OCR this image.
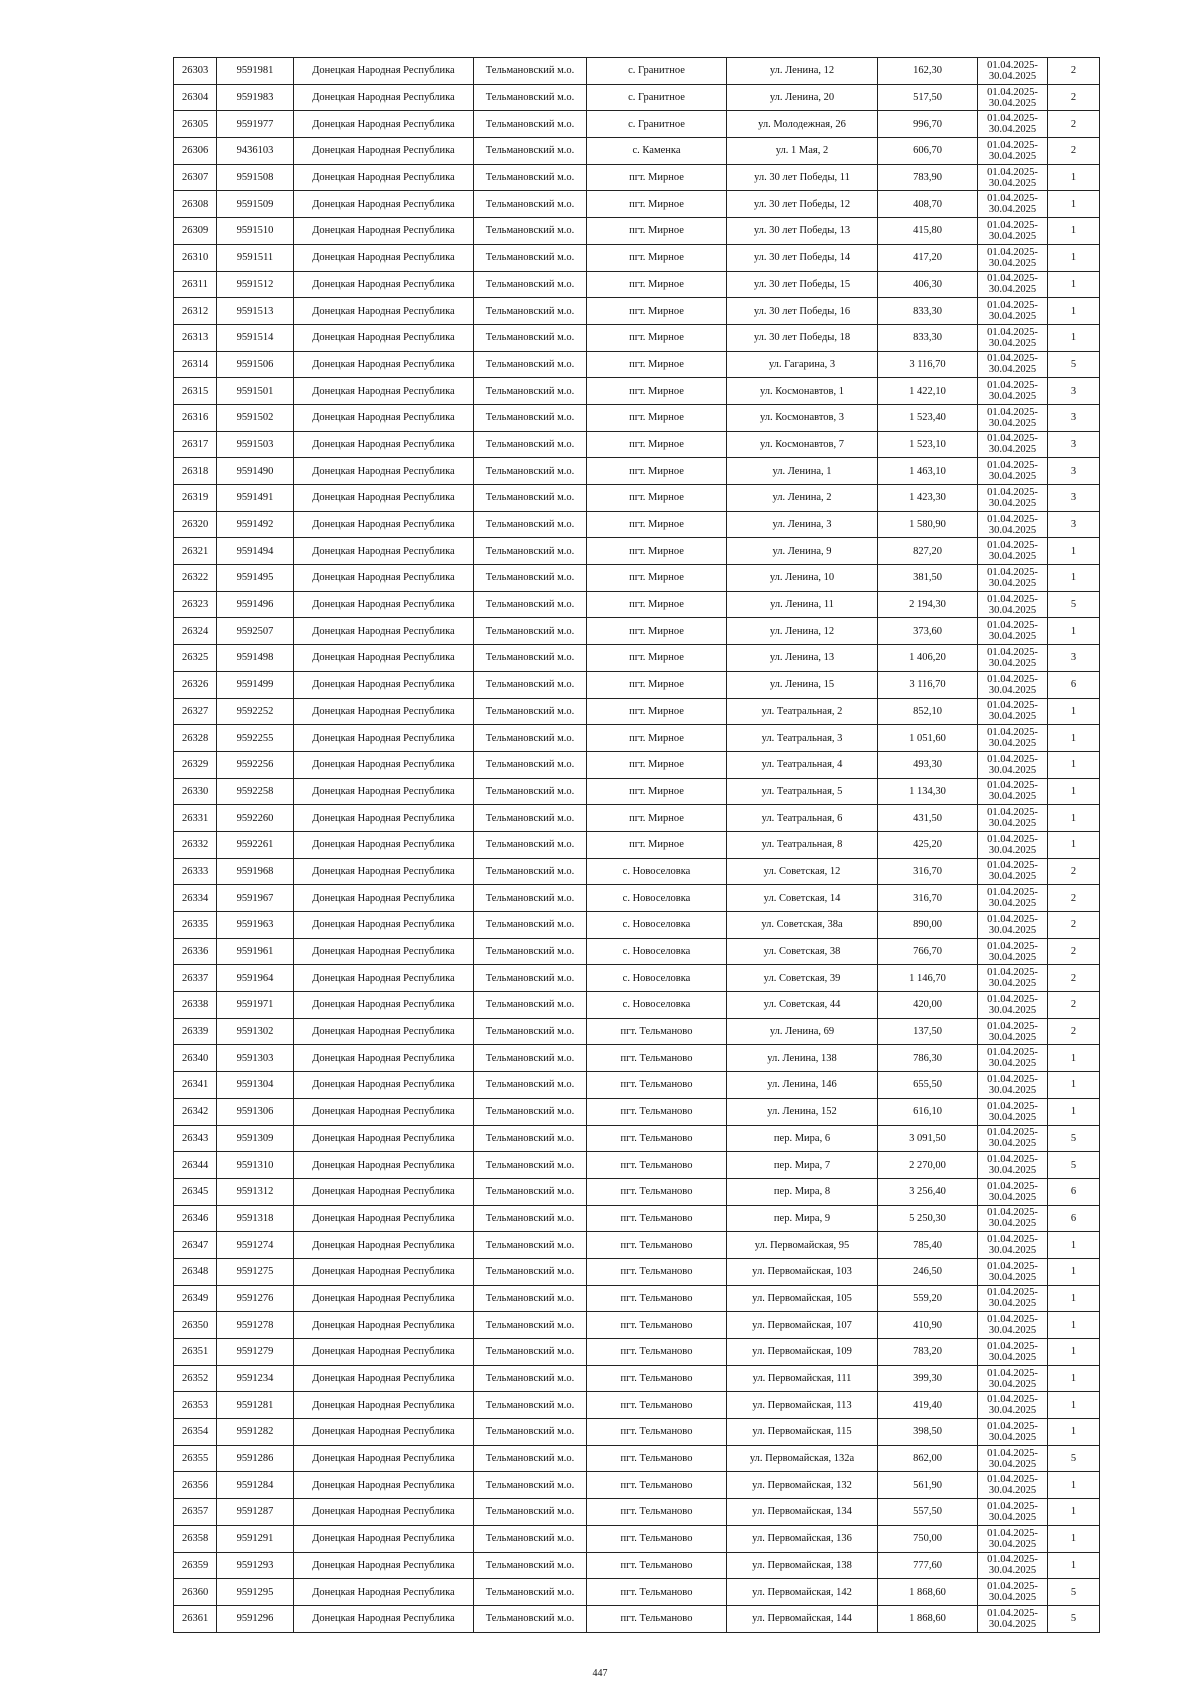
26303	9591981	Донецкая Народная Республика	Тельмановский м.о.	с. Гранитное	ул. Ленина, 12	162,30	01.04.2025-30.04.2025	2
26304	9591983	Донецкая Народная Республика	Тельмановский м.о.	с. Гранитное	ул. Ленина, 20	517,50	01.04.2025-30.04.2025	2
26305	9591977	Донецкая Народная Республика	Тельмановский м.о.	с. Гранитное	ул. Молодежная, 26	996,70	01.04.2025-30.04.2025	2
26306	9436103	Донецкая Народная Республика	Тельмановский м.о.	с. Каменка	ул. 1 Мая, 2	606,70	01.04.2025-30.04.2025	2
26307	9591508	Донецкая Народная Республика	Тельмановский м.о.	пгт. Мирное	ул. 30 лет Победы, 11	783,90	01.04.2025-30.04.2025	1
26308	9591509	Донецкая Народная Республика	Тельмановский м.о.	пгт. Мирное	ул. 30 лет Победы, 12	408,70	01.04.2025-30.04.2025	1
26309	9591510	Донецкая Народная Республика	Тельмановский м.о.	пгт. Мирное	ул. 30 лет Победы, 13	415,80	01.04.2025-30.04.2025	1
26310	9591511	Донецкая Народная Республика	Тельмановский м.о.	пгт. Мирное	ул. 30 лет Победы, 14	417,20	01.04.2025-30.04.2025	1
26311	9591512	Донецкая Народная Республика	Тельмановский м.о.	пгт. Мирное	ул. 30 лет Победы, 15	406,30	01.04.2025-30.04.2025	1
26312	9591513	Донецкая Народная Республика	Тельмановский м.о.	пгт. Мирное	ул. 30 лет Победы, 16	833,30	01.04.2025-30.04.2025	1
26313	9591514	Донецкая Народная Республика	Тельмановский м.о.	пгт. Мирное	ул. 30 лет Победы, 18	833,30	01.04.2025-30.04.2025	1
26314	9591506	Донецкая Народная Республика	Тельмановский м.о.	пгт. Мирное	ул. Гагарина, 3	3 116,70	01.04.2025-30.04.2025	5
26315	9591501	Донецкая Народная Республика	Тельмановский м.о.	пгт. Мирное	ул. Космонавтов, 1	1 422,10	01.04.2025-30.04.2025	3
26316	9591502	Донецкая Народная Республика	Тельмановский м.о.	пгт. Мирное	ул. Космонавтов, 3	1 523,40	01.04.2025-30.04.2025	3
26317	9591503	Донецкая Народная Республика	Тельмановский м.о.	пгт. Мирное	ул. Космонавтов, 7	1 523,10	01.04.2025-30.04.2025	3
26318	9591490	Донецкая Народная Республика	Тельмановский м.о.	пгт. Мирное	ул. Ленина, 1	1 463,10	01.04.2025-30.04.2025	3
26319	9591491	Донецкая Народная Республика	Тельмановский м.о.	пгт. Мирное	ул. Ленина, 2	1 423,30	01.04.2025-30.04.2025	3
26320	9591492	Донецкая Народная Республика	Тельмановский м.о.	пгт. Мирное	ул. Ленина, 3	1 580,90	01.04.2025-30.04.2025	3
26321	9591494	Донецкая Народная Республика	Тельмановский м.о.	пгт. Мирное	ул. Ленина, 9	827,20	01.04.2025-30.04.2025	1
26322	9591495	Донецкая Народная Республика	Тельмановский м.о.	пгт. Мирное	ул. Ленина, 10	381,50	01.04.2025-30.04.2025	1
26323	9591496	Донецкая Народная Республика	Тельмановский м.о.	пгт. Мирное	ул. Ленина, 11	2 194,30	01.04.2025-30.04.2025	5
26324	9592507	Донецкая Народная Республика	Тельмановский м.о.	пгт. Мирное	ул. Ленина, 12	373,60	01.04.2025-30.04.2025	1
26325	9591498	Донецкая Народная Республика	Тельмановский м.о.	пгт. Мирное	ул. Ленина, 13	1 406,20	01.04.2025-30.04.2025	3
26326	9591499	Донецкая Народная Республика	Тельмановский м.о.	пгт. Мирное	ул. Ленина, 15	3 116,70	01.04.2025-30.04.2025	6
26327	9592252	Донецкая Народная Республика	Тельмановский м.о.	пгт. Мирное	ул. Театральная, 2	852,10	01.04.2025-30.04.2025	1
26328	9592255	Донецкая Народная Республика	Тельмановский м.о.	пгт. Мирное	ул. Театральная, 3	1 051,60	01.04.2025-30.04.2025	1
26329	9592256	Донецкая Народная Республика	Тельмановский м.о.	пгт. Мирное	ул. Театральная, 4	493,30	01.04.2025-30.04.2025	1
26330	9592258	Донецкая Народная Республика	Тельмановский м.о.	пгт. Мирное	ул. Театральная, 5	1 134,30	01.04.2025-30.04.2025	1
26331	9592260	Донецкая Народная Республика	Тельмановский м.о.	пгт. Мирное	ул. Театральная, 6	431,50	01.04.2025-30.04.2025	1
26332	9592261	Донецкая Народная Республика	Тельмановский м.о.	пгт. Мирное	ул. Театральная, 8	425,20	01.04.2025-30.04.2025	1
26333	9591968	Донецкая Народная Республика	Тельмановский м.о.	с. Новоселовка	ул. Советская, 12	316,70	01.04.2025-30.04.2025	2
26334	9591967	Донецкая Народная Республика	Тельмановский м.о.	с. Новоселовка	ул. Советская, 14	316,70	01.04.2025-30.04.2025	2
26335	9591963	Донецкая Народная Республика	Тельмановский м.о.	с. Новоселовка	ул. Советская, 38а	890,00	01.04.2025-30.04.2025	2
26336	9591961	Донецкая Народная Республика	Тельмановский м.о.	с. Новоселовка	ул. Советская, 38	766,70	01.04.2025-30.04.2025	2
26337	9591964	Донецкая Народная Республика	Тельмановский м.о.	с. Новоселовка	ул. Советская, 39	1 146,70	01.04.2025-30.04.2025	2
26338	9591971	Донецкая Народная Республика	Тельмановский м.о.	с. Новоселовка	ул. Советская, 44	420,00	01.04.2025-30.04.2025	2
26339	9591302	Донецкая Народная Республика	Тельмановский м.о.	пгт. Тельманово	ул. Ленина, 69	137,50	01.04.2025-30.04.2025	2
26340	9591303	Донецкая Народная Республика	Тельмановский м.о.	пгт. Тельманово	ул. Ленина, 138	786,30	01.04.2025-30.04.2025	1
26341	9591304	Донецкая Народная Республика	Тельмановский м.о.	пгт. Тельманово	ул. Ленина, 146	655,50	01.04.2025-30.04.2025	1
26342	9591306	Донецкая Народная Республика	Тельмановский м.о.	пгт. Тельманово	ул. Ленина, 152	616,10	01.04.2025-30.04.2025	1
26343	9591309	Донецкая Народная Республика	Тельмановский м.о.	пгт. Тельманово	пер. Мира, 6	3 091,50	01.04.2025-30.04.2025	5
26344	9591310	Донецкая Народная Республика	Тельмановский м.о.	пгт. Тельманово	пер. Мира, 7	2 270,00	01.04.2025-30.04.2025	5
26345	9591312	Донецкая Народная Республика	Тельмановский м.о.	пгт. Тельманово	пер. Мира, 8	3 256,40	01.04.2025-30.04.2025	6
26346	9591318	Донецкая Народная Республика	Тельмановский м.о.	пгт. Тельманово	пер. Мира, 9	5 250,30	01.04.2025-30.04.2025	6
26347	9591274	Донецкая Народная Республика	Тельмановский м.о.	пгт. Тельманово	ул. Первомайская, 95	785,40	01.04.2025-30.04.2025	1
26348	9591275	Донецкая Народная Республика	Тельмановский м.о.	пгт. Тельманово	ул. Первомайская, 103	246,50	01.04.2025-30.04.2025	1
26349	9591276	Донецкая Народная Республика	Тельмановский м.о.	пгт. Тельманово	ул. Первомайская, 105	559,20	01.04.2025-30.04.2025	1
26350	9591278	Донецкая Народная Республика	Тельмановский м.о.	пгт. Тельманово	ул. Первомайская, 107	410,90	01.04.2025-30.04.2025	1
26351	9591279	Донецкая Народная Республика	Тельмановский м.о.	пгт. Тельманово	ул. Первомайская, 109	783,20	01.04.2025-30.04.2025	1
26352	9591234	Донецкая Народная Республика	Тельмановский м.о.	пгт. Тельманово	ул. Первомайская, 111	399,30	01.04.2025-30.04.2025	1
26353	9591281	Донецкая Народная Республика	Тельмановский м.о.	пгт. Тельманово	ул. Первомайская, 113	419,40	01.04.2025-30.04.2025	1
26354	9591282	Донецкая Народная Республика	Тельмановский м.о.	пгт. Тельманово	ул. Первомайская, 115	398,50	01.04.2025-30.04.2025	1
26355	9591286	Донецкая Народная Республика	Тельмановский м.о.	пгт. Тельманово	ул. Первомайская, 132а	862,00	01.04.2025-30.04.2025	5
26356	9591284	Донецкая Народная Республика	Тельмановский м.о.	пгт. Тельманово	ул. Первомайская, 132	561,90	01.04.2025-30.04.2025	1
26357	9591287	Донецкая Народная Республика	Тельмановский м.о.	пгт. Тельманово	ул. Первомайская, 134	557,50	01.04.2025-30.04.2025	1
26358	9591291	Донецкая Народная Республика	Тельмановский м.о.	пгт. Тельманово	ул. Первомайская, 136	750,00	01.04.2025-30.04.2025	1
26359	9591293	Донецкая Народная Республика	Тельмановский м.о.	пгт. Тельманово	ул. Первомайская, 138	777,60	01.04.2025-30.04.2025	1
26360	9591295	Донецкая Народная Республика	Тельмановский м.о.	пгт. Тельманово	ул. Первомайская, 142	1 868,60	01.04.2025-30.04.2025	5
26361	9591296	Донецкая Народная Республика	Тельмановский м.о.	пгт. Тельманово	ул. Первомайская, 144	1 868,60	01.04.2025-30.04.2025	5
447
